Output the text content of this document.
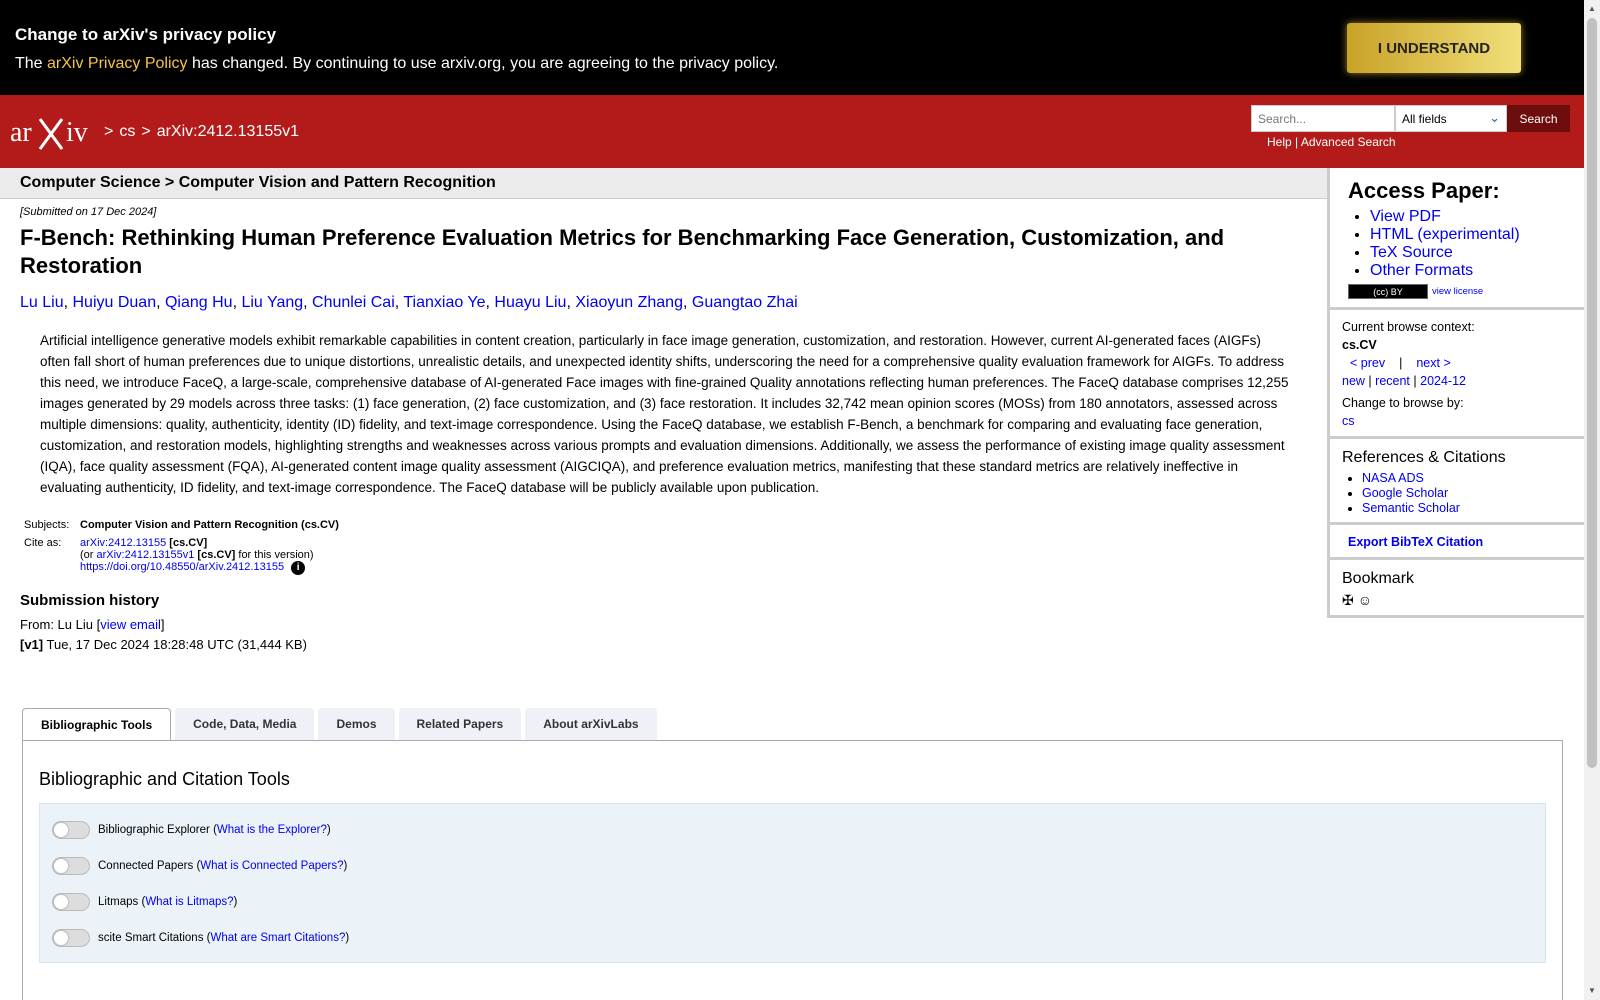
Change to arXiv's privacy policy
The arXiv Privacy Policy has changed. By continuing to use arxiv.org, you are agreeing to the privacy policy.
I UNDERSTAND
ar iv > cs > arXiv:2412.13155v1
Search...	All fields	⌄	Search
Help | Advanced Search
Computer Science > Computer Vision and Pattern Recognition
[Submitted on 17 Dec 2024]
F-Bench: Rethinking Human Preference Evaluation Metrics for Benchmarking Face Generation, Customization, and Restoration
Lu Liu, Huiyu Duan, Qiang Hu, Liu Yang, Chunlei Cai, Tianxiao Ye, Huayu Liu, Xiaoyun Zhang, Guangtao Zhai
Artificial intelligence generative models exhibit remarkable capabilities in content creation, particularly in face image generation, customization, and restoration. However, current AI-generated faces (AIGFs) often fall short of human preferences due to unique distortions, unrealistic details, and unexpected identity shifts, underscoring the need for a comprehensive quality evaluation framework for AIGFs. To address this need, we introduce FaceQ, a large-scale, comprehensive database of AI-generated Face images with fine-grained Quality annotations reflecting human preferences. The FaceQ database comprises 12,255 images generated by 29 models across three tasks: (1) face generation, (2) face customization, and (3) face restoration. It includes 32,742 mean opinion scores (MOSs) from 180 annotators, assessed across multiple dimensions: quality, authenticity, identity (ID) fidelity, and text-image correspondence. Using the FaceQ database, we establish F-Bench, a benchmark for comparing and evaluating face generation, customization, and restoration models, highlighting strengths and weaknesses across various prompts and evaluation dimensions. Additionally, we assess the performance of existing image quality assessment (IQA), face quality assessment (FQA), AI-generated content image quality assessment (AIGCIQA), and preference evaluation metrics, manifesting that these standard metrics are relatively ineffective in evaluating authenticity, ID fidelity, and text-image correspondence. The FaceQ database will be publicly available upon publication.
Subjects:	Computer Vision and Pattern Recognition (cs.CV)
Cite as:	arXiv:2412.13155 [cs.CV]
(or arXiv:2412.13155v1 [cs.CV] for this version)
https://doi.org/10.48550/arXiv.2412.13155 i
Submission history
From: Lu Liu [view email]
[v1] Tue, 17 Dec 2024 18:28:48 UTC (31,444 KB)
Bibliographic Tools	Code, Data, Media	Demos	Related Papers	About arXivLabs
Bibliographic and Citation Tools
Bibliographic Explorer ( What is the Explorer? )
Connected Papers ( What is Connected Papers? )
Litmaps ( What is Litmaps? )
scite Smart Citations ( What are Smart Citations? )
Access Paper:
• View PDF
• HTML (experimental)
• TeX Source
• Other Formats
(cc) BY	view license
Current browse context:
cs.CV
< prev | next >
new | recent | 2024-12
Change to browse by:
cs
References & Citations
• NASA ADS
• Google Scholar
• Semantic Scholar
Export BibTeX Citation
Bookmark
✠ ☺
▲
▼
